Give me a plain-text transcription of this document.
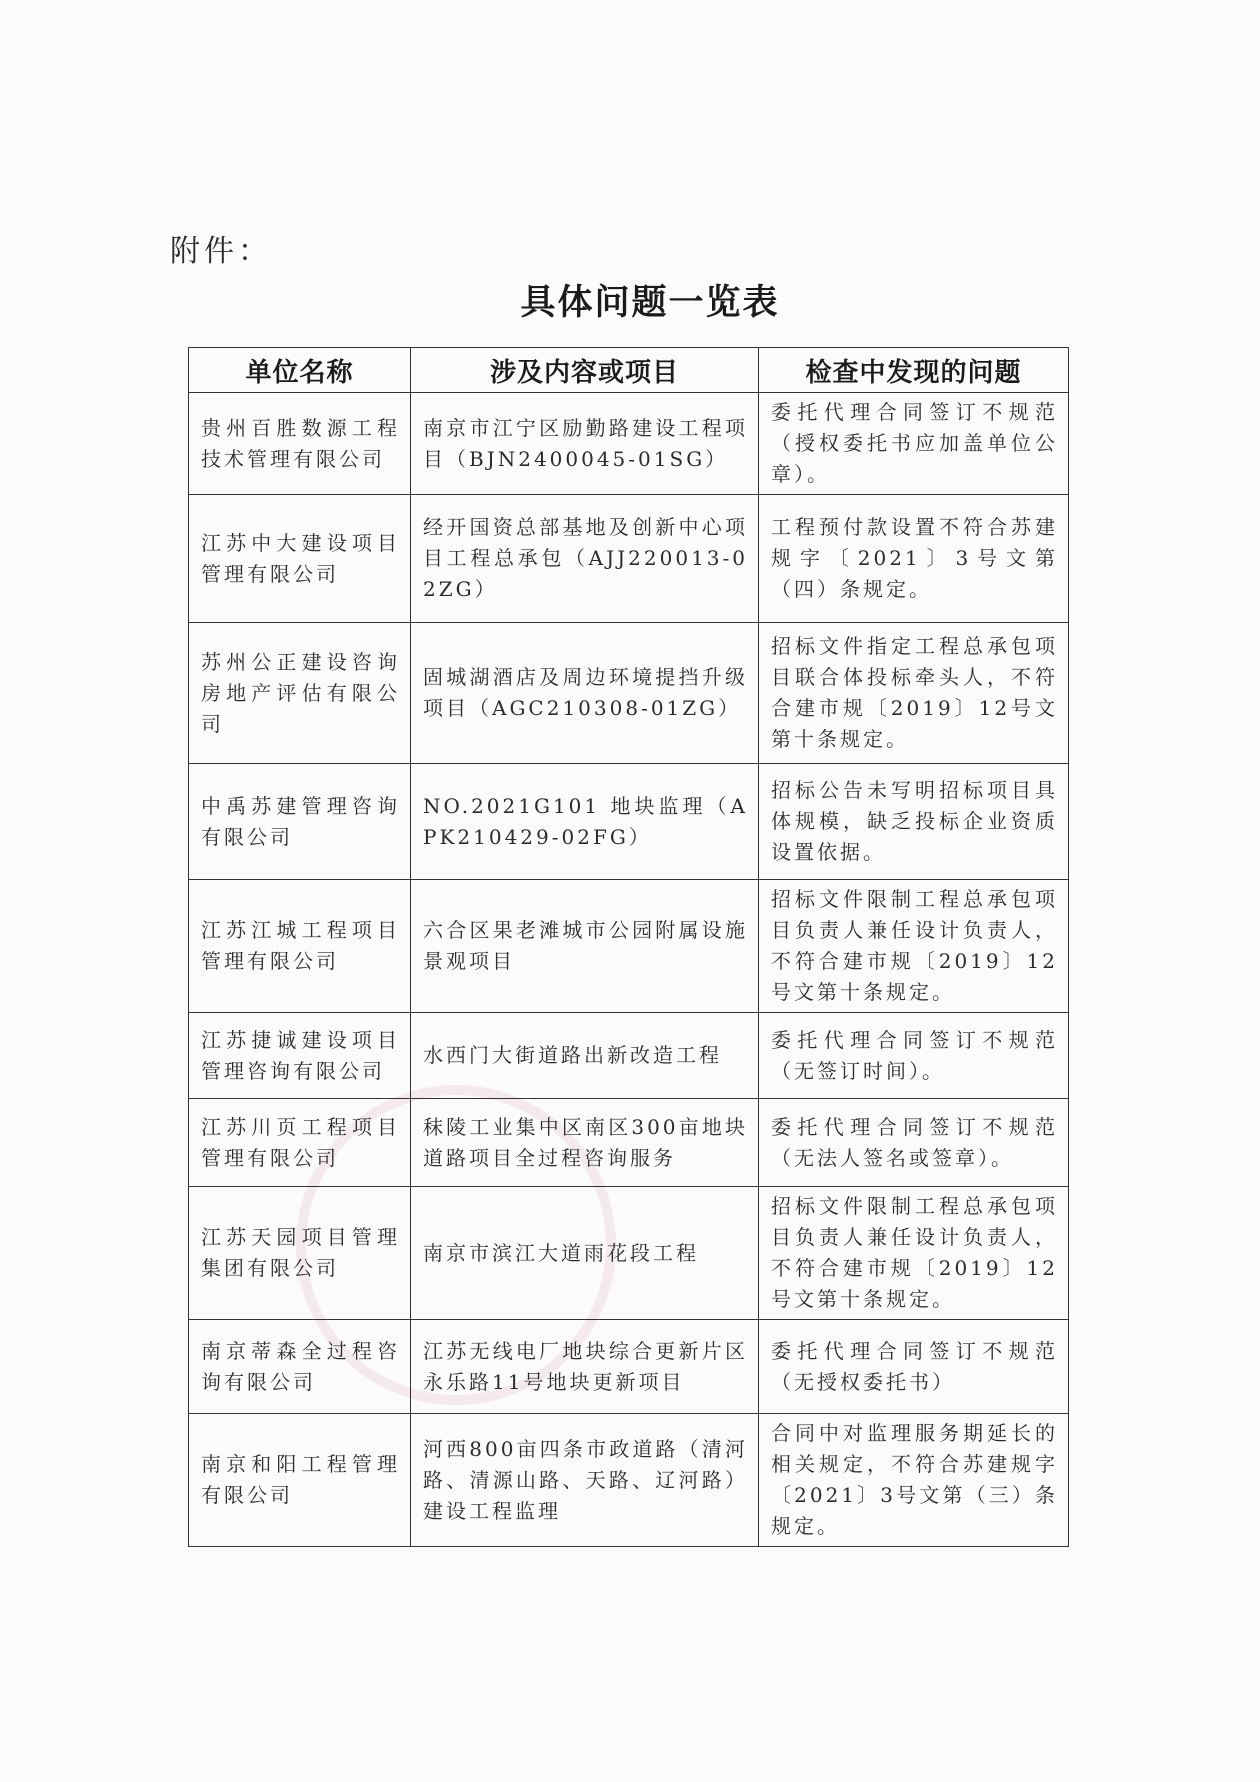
附件：
具体问题一览表
单位名称	涉及内容或项目	检查中发现的问题
贵州百胜数源工程技术管理有限公司	南京市江宁区励勤路建设工程项目（BJN2400045-01SG）	委托代理合同签订不规范（授权委托书应加盖单位公章）。
江苏中大建设项目管理有限公司	经开国资总部基地及创新中心项目工程总承包（AJJ220013-02ZG）	工程预付款设置不符合苏建规字〔2021〕3号文第（四）条规定。
苏州公正建设咨询房地产评估有限公司	固城湖酒店及周边环境提挡升级项目（AGC210308-01ZG）	招标文件指定工程总承包项目联合体投标牵头人，不符合建市规〔2019〕12号文第十条规定。
中禹苏建管理咨询有限公司	NO.2021G101 地块监理（APK210429-02FG）	招标公告未写明招标项目具体规模，缺乏投标企业资质设置依据。
江苏江城工程项目管理有限公司	六合区果老滩城市公园附属设施景观项目	招标文件限制工程总承包项目负责人兼任设计负责人，不符合建市规〔2019〕12号文第十条规定。
江苏捷诚建设项目管理咨询有限公司	水西门大街道路出新改造工程	委托代理合同签订不规范（无签订时间）。
江苏川页工程项目管理有限公司	秣陵工业集中区南区300亩地块道路项目全过程咨询服务	委托代理合同签订不规范（无法人签名或签章）。
江苏天园项目管理集团有限公司	南京市滨江大道雨花段工程	招标文件限制工程总承包项目负责人兼任设计负责人，不符合建市规〔2019〕12号文第十条规定。
南京蒂森全过程咨询有限公司	江苏无线电厂地块综合更新片区永乐路11号地块更新项目	委托代理合同签订不规范（无授权委托书）
南京和阳工程管理有限公司	河西800亩四条市政道路（清河路、清源山路、天路、辽河路）建设工程监理	合同中对监理服务期延长的相关规定，不符合苏建规字〔2021〕3号文第（三）条规定。
